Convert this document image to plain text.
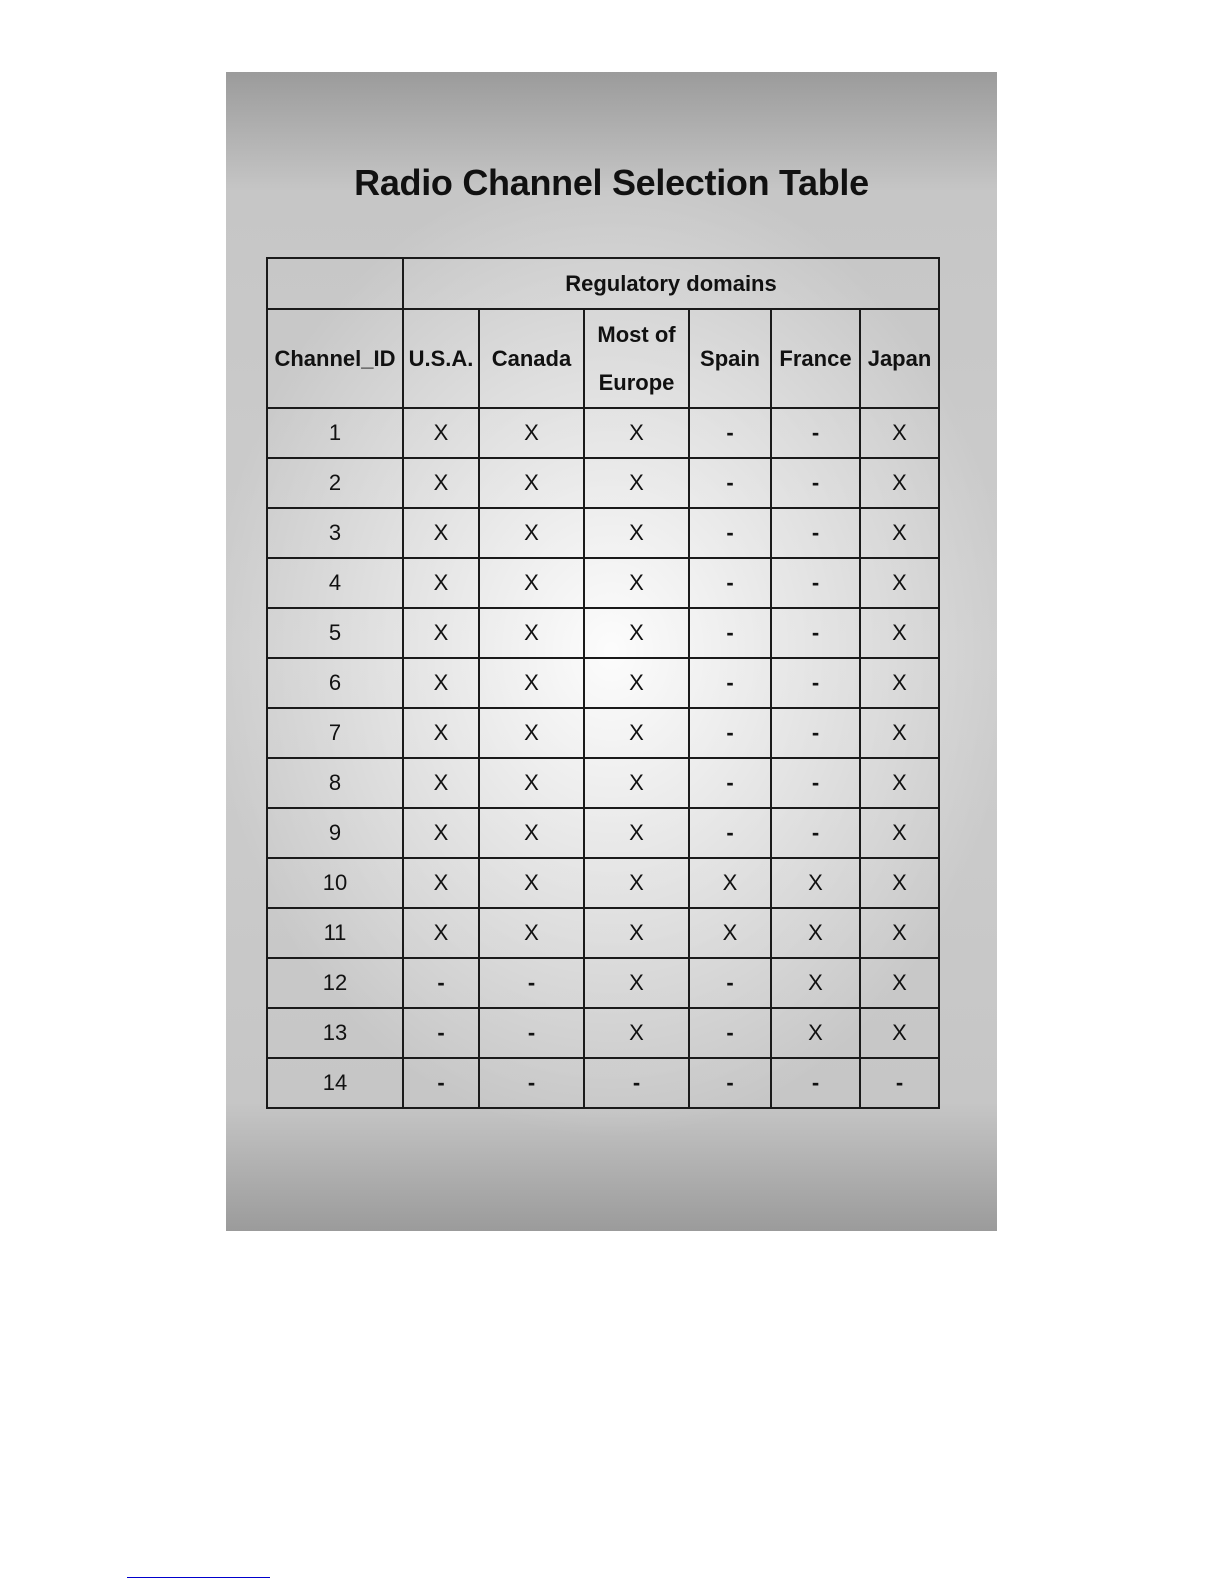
Radio Channel Selection Table
	Regulatory domains					
Channel_ID	U.S.A.	Canada	Most of Europe	Spain	France	Japan
1	X	X	X	-	-	X
2	X	X	X	-	-	X
3	X	X	X	-	-	X
4	X	X	X	-	-	X
5	X	X	X	-	-	X
6	X	X	X	-	-	X
7	X	X	X	-	-	X
8	X	X	X	-	-	X
9	X	X	X	-	-	X
10	X	X	X	X	X	X
11	X	X	X	X	X	X
12	-	-	X	-	X	X
13	-	-	X	-	X	X
14	-	-	-	-	-	-
